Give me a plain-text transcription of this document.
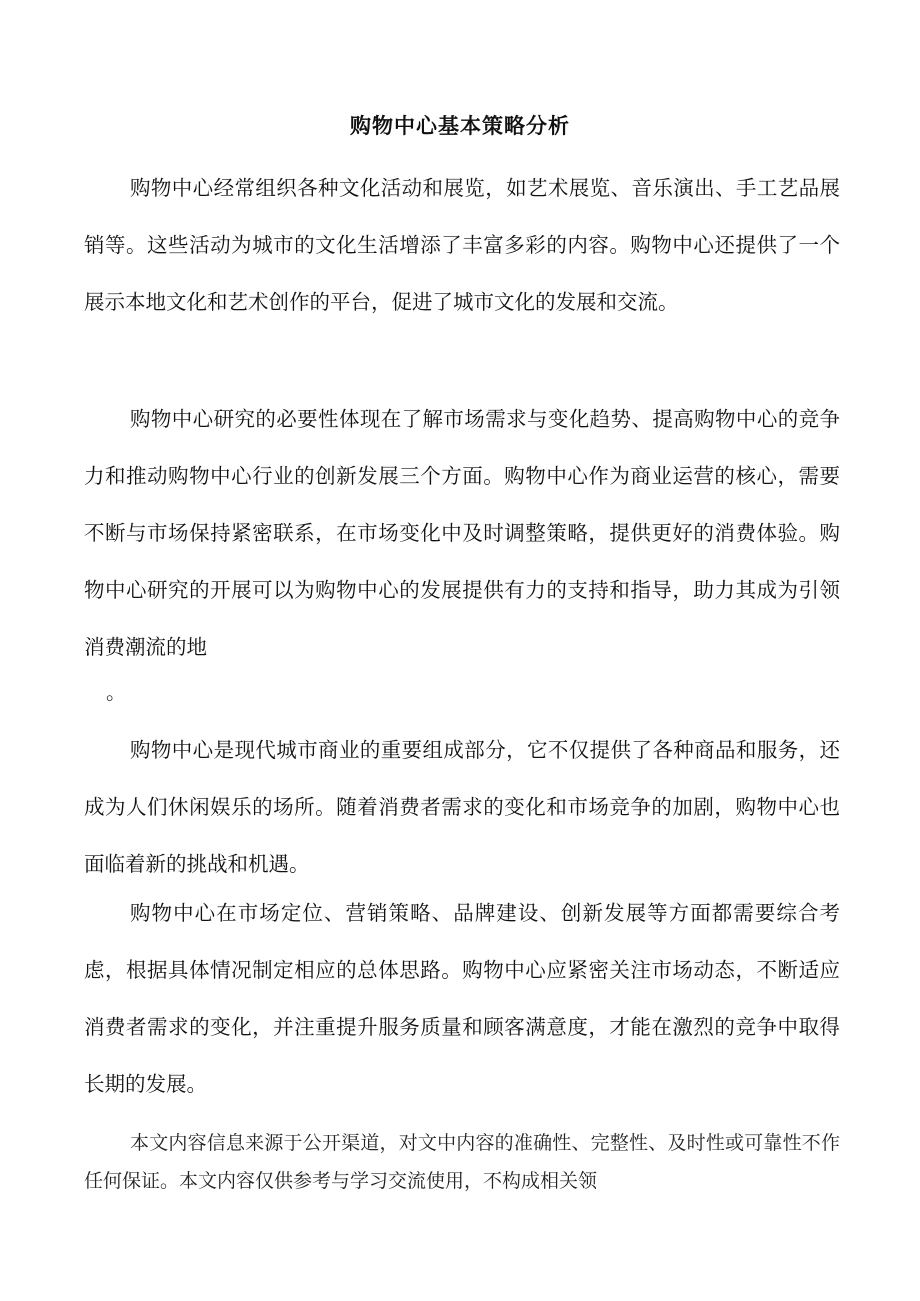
购物中心基本策略分析

购物中心经常组织各种文化活动和展览，如艺术展览、音乐演出、手工艺品展销等。这些活动为城市的文化生活增添了丰富多彩的内容。购物中心还提供了一个展示本地文化和艺术创作的平台，促进了城市文化的发展和交流。

购物中心研究的必要性体现在了解市场需求与变化趋势、提高购物中心的竞争力和推动购物中心行业的创新发展三个方面。购物中心作为商业运营的核心，需要不断与市场保持紧密联系，在市场变化中及时调整策略，提供更好的消费体验。购物中心研究的开展可以为购物中心的发展提供有力的支持和指导，助力其成为引领消费潮流的地

。

购物中心是现代城市商业的重要组成部分，它不仅提供了各种商品和服务，还成为人们休闲娱乐的场所。随着消费者需求的变化和市场竞争的加剧，购物中心也面临着新的挑战和机遇。

购物中心在市场定位、营销策略、品牌建设、创新发展等方面都需要综合考虑，根据具体情况制定相应的总体思路。购物中心应紧密关注市场动态，不断适应消费者需求的变化，并注重提升服务质量和顾客满意度，才能在激烈的竞争中取得长期的发展。

本文内容信息来源于公开渠道，对文中内容的准确性、完整性、及时性或可靠性不作任何保证。本文内容仅供参考与学习交流使用，不构成相关领
